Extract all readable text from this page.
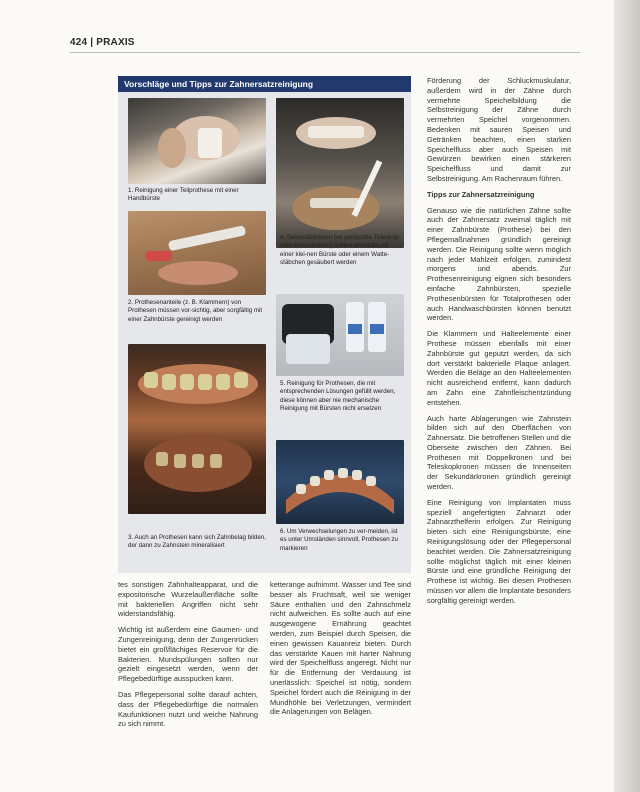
424 | PRAXIS
Vorschläge und Tipps zur Zahnersatzreinigung
1. Reinigung einer Teilprothese mit einer Handbürste
4. Sekundärkronen bei gemischte Teleskop- oder Konuskronen) sollten ebenfalls mit einer klei-nen Bürste oder einem Watte-stäbchen gesäubert werden
2. Prothesenanteile (z. B. Klammern) von Prothesen müssen vor-sichtig, aber sorgfältig mit einer Zahnbürste gereinigt werden
5. Reinigung für Prothesen, die mit entsprechenden Lösungen gefüllt werden, diese können aber nie mechanische Reinigung mit Bürsten nicht ersetzen
3. Auch an Prothesen kann sich Zahnbelag bilden, der dann zu Zahnstein mineralisiert
6. Um Verwechselungen zu ver-meiden, ist es unter Umständen sinnvoll, Prothesen zu markieren

Förderung der Schluckmuskulatur, außerdem wird in der Zähne durch vermehrte Speichelbildung die Selbstreinigung der Zähne durch vermehrten Speichel vorgenommen. Bedenken mit sauren Speisen und Getränken beachten, einen starken Speichelfluss aber auch Speisen mit Gewürzen bewirken einen stärkeren Speichelfluss und damit zur Selbstreinigung. Am Rachenraum führen.

Tipps zur Zahnersatzreinigung

Genauso wie die natürlichen Zähne sollte auch der Zahnersatz zweimal täglich mit einer Zahnbürste (Prothese) bei den Pflegemaßnahmen gründlich gereinigt werden. Die Reinigung sollte wenn möglich nach jeder Mahlzeit erfolgen, zumindest morgens und abends. Zur Prothesenreinigung eignen sich besonders einfache Zahnbürsten, spezielle Prothesenbürsten für Totalprothesen oder auch Handwaschbürsten können benutzt werden.

Die Klammern und Halteelemente einer Prothese müssen ebenfalls mit einer Zahnbürste gut geputzt werden, da sich dort verstärkt bakterielle Plaque anlagert. Werden die Beläge an den Halteelementen nicht ausreichend entfernt, kann dadurch am Zahn eine Zahnfleischentzündung entstehen.

Auch harte Ablagerungen wie Zahnstein bilden sich auf den Oberflächen von Zahnersatz. Die betroffenen Stellen und die Oberseite zwischen den Zähnen. Bei Prothesen mit Doppelkronen und bei Teleskopkronen müssen die Innenseiten der Sekundärkronen gründlich gereinigt werden.

Eine Reinigung von Implantaten muss speziell angefertigten Zahnarzt oder Zahnarzthelferin erfolgen. Zur Reinigung bieten sich eine Reinigungsbürste, eine Reinigungslösung oder der Pflegepersonal beachtet werden. Die Zahnersatzreinigung sollte möglichst täglich mit einer kleinen Bürste und eine gründliche Reinigung der Prothese ist wichtig. Bei diesen Prothesen müssen vor allem die Implantate besonders sorgfältig gereinigt werden.

tes sonstigen Zahnhalteapparat, und die expositorische Wurzelaußenfläche sollte mit bakteriellen Angriffen nicht sehr widerstandsfähig.

Wichtig ist außerdem eine Gaumen- und Zungenreinigung, denn der Zungenrücken bietet ein großflächiges Reservoir für die Bakterien. Mundspülungen sollten nur gezielt eingesetzt werden, wenn der Pflegebedürftige ausspucken kann.

Das Pflegepersonal sollte darauf achten, dass der Pflegebedürftige die normalen Kaufunktionen nutzt und weiche Nahrung zu sich nimmt.

ketterange aufnimmt. Wasser und Tee sind besser als Fruchtsaft, weil sie weniger Säure enthalten und den Zahnschmelz nicht aufweichen. Es sollte auch auf eine ausgewogene Ernährung geachtet werden, zum Beispiel durch Speisen, die einen gewissen Kauanreiz bieten. Durch das verstärkte Kauen mit harter Nahrung wird der Speichelfluss angeregt. Nicht nur für die Entfernung der Verdauung ist unerlässlich: Speichel ist nötig, sondern Speichel fördert auch die Reinigung in der Mundhöhle bei Verletzungen, vermindert die Anlagerungen von Belägen.
